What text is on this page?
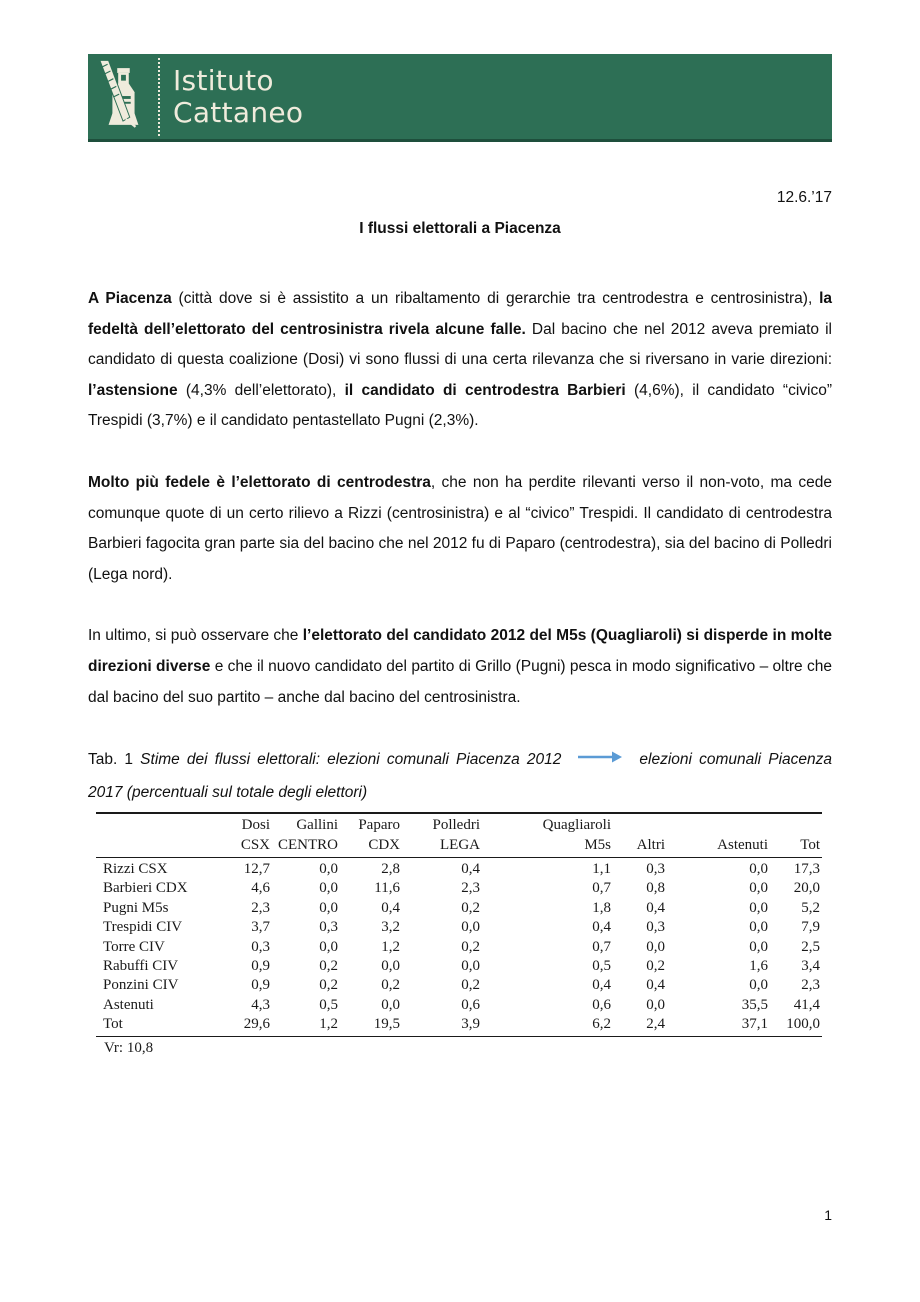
Istituto
Cattaneo
12.6.’17
I flussi elettorali a Piacenza

A Piacenza (città dove si è assistito a un ribaltamento di gerarchie tra centrodestra e centrosinistra), la fedeltà dell’elettorato del centrosinistra rivela alcune falle. Dal bacino che nel 2012 aveva premiato il candidato di questa coalizione (Dosi) vi sono flussi di una certa rilevanza che si riversano in varie direzioni: l’astensione (4,3% dell’elettorato), il candidato di centrodestra Barbieri (4,6%), il candidato “civico” Trespidi (3,7%) e il candidato pentastellato Pugni (2,3%).

Molto più fedele è l’elettorato di centrodestra, che non ha perdite rilevanti verso il non-voto, ma cede comunque quote di un certo rilievo a Rizzi (centrosinistra) e al “civico” Trespidi. Il candidato di centrodestra Barbieri fagocita gran parte sia del bacino che nel 2012 fu di Paparo (centrodestra), sia del bacino di Polledri (Lega nord).

In ultimo, si può osservare che l’elettorato del candidato 2012 del M5s (Quagliaroli) si disperde in molte direzioni diverse e che il nuovo candidato del partito di Grillo (Pugni) pesca in modo significativo – oltre che dal bacino del suo partito – anche dal bacino del centrosinistra.

Tab. 1 Stime dei flussi elettorali: elezioni comunali Piacenza 2012	elezioni comunali Piacenza 2017 (percentuali sul totale degli elettori)
	Dosi	Gallini	Paparo	Polledri	Quagliaroli			
	CSX	CENTRO	CDX	LEGA	M5s	Altri	Astenuti	Tot
Rizzi CSX	12,7	0,0	2,8	0,4	1,1	0,3	0,0	17,3
Barbieri CDX	4,6	0,0	11,6	2,3	0,7	0,8	0,0	20,0
Pugni M5s	2,3	0,0	0,4	0,2	1,8	0,4	0,0	5,2
Trespidi CIV	3,7	0,3	3,2	0,0	0,4	0,3	0,0	7,9
Torre CIV	0,3	0,0	1,2	0,2	0,7	0,0	0,0	2,5
Rabuffi CIV	0,9	0,2	0,0	0,0	0,5	0,2	1,6	3,4
Ponzini CIV	0,9	0,2	0,2	0,2	0,4	0,4	0,0	2,3
Astenuti	4,3	0,5	0,0	0,6	0,6	0,0	35,5	41,4
Tot	29,6	1,2	19,5	3,9	6,2	2,4	37,1	100,0
Vr: 10,8
1
